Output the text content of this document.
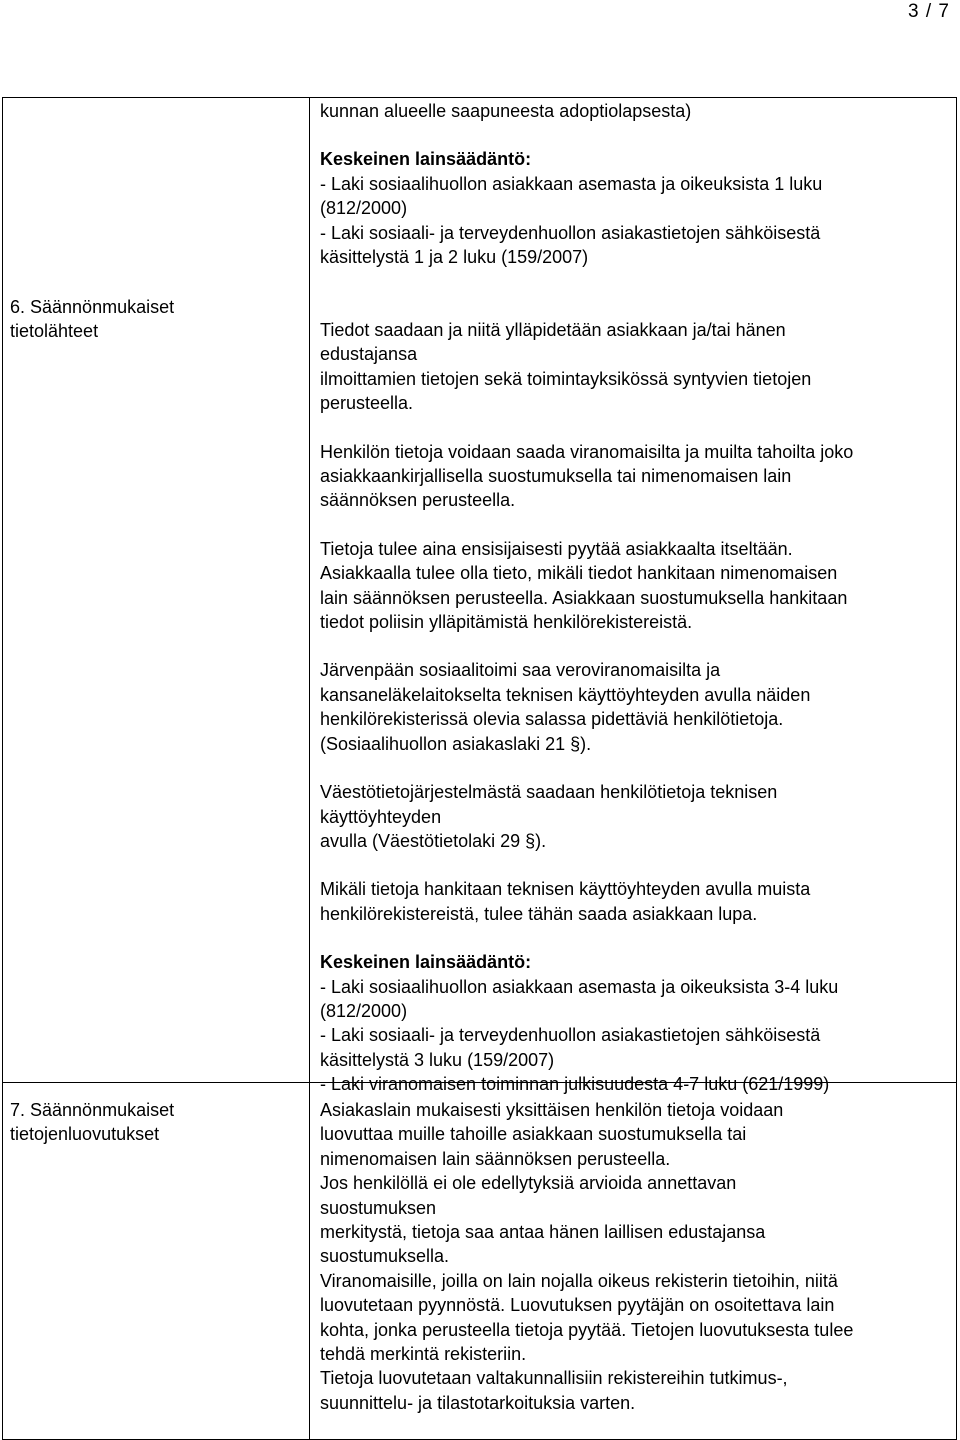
3 / 7
kunnan alueelle saapuneesta adoptiolapsesta)
Keskeinen lainsäädäntö:
- Laki sosiaalihuollon asiakkaan asemasta ja oikeuksista 1 luku
(812/2000)
- Laki sosiaali- ja terveydenhuollon asiakastietojen sähköisestä
käsittelystä 1 ja 2 luku (159/2007)
6. Säännönmukaiset
tietolähteet	Tiedot saadaan ja niitä ylläpidetään asiakkaan ja/tai hänen
edustajansa
ilmoittamien tietojen sekä toimintayksikössä syntyvien tietojen
perusteella.
Henkilön tietoja voidaan saada viranomaisilta ja muilta tahoilta joko
asiakkaankirjallisella suostumuksella tai nimenomaisen lain
säännöksen perusteella.
Tietoja tulee aina ensisijaisesti pyytää asiakkaalta itseltään.
Asiakkaalla tulee olla tieto, mikäli tiedot hankitaan nimenomaisen
lain säännöksen perusteella. Asiakkaan suostumuksella hankitaan
tiedot poliisin ylläpitämistä henkilörekistereistä.
Järvenpään sosiaalitoimi saa veroviranomaisilta ja
kansaneläkelaitokselta teknisen käyttöyhteyden avulla näiden
henkilörekisterissä olevia salassa pidettäviä henkilötietoja.
(Sosiaalihuollon asiakaslaki 21 §).
Väestötietojärjestelmästä saadaan henkilötietoja teknisen
käyttöyhteyden
avulla (Väestötietolaki 29 §).
Mikäli tietoja hankitaan teknisen käyttöyhteyden avulla muista
henkilörekistereistä, tulee tähän saada asiakkaan lupa.
Keskeinen lainsäädäntö:
- Laki sosiaalihuollon asiakkaan asemasta ja oikeuksista 3-4 luku
(812/2000)
- Laki sosiaali- ja terveydenhuollon asiakastietojen sähköisestä
käsittelystä 3 luku (159/2007)
- Laki viranomaisen toiminnan julkisuudesta 4-7 luku (621/1999)
7. Säännönmukaiset
tietojenluovutukset
Asiakaslain mukaisesti yksittäisen henkilön tietoja voidaan
luovuttaa muille tahoille asiakkaan suostumuksella tai
nimenomaisen lain säännöksen perusteella.
Jos henkilöllä ei ole edellytyksiä arvioida annettavan
suostumuksen
merkitystä, tietoja saa antaa hänen laillisen edustajansa
suostumuksella.
Viranomaisille, joilla on lain nojalla oikeus rekisterin tietoihin, niitä
luovutetaan pyynnöstä. Luovutuksen pyytäjän on osoitettava lain
kohta, jonka perusteella tietoja pyytää. Tietojen luovutuksesta tulee
tehdä merkintä rekisteriin.
Tietoja luovutetaan valtakunnallisiin rekistereihin tutkimus-,
suunnittelu- ja tilastotarkoituksia varten.
